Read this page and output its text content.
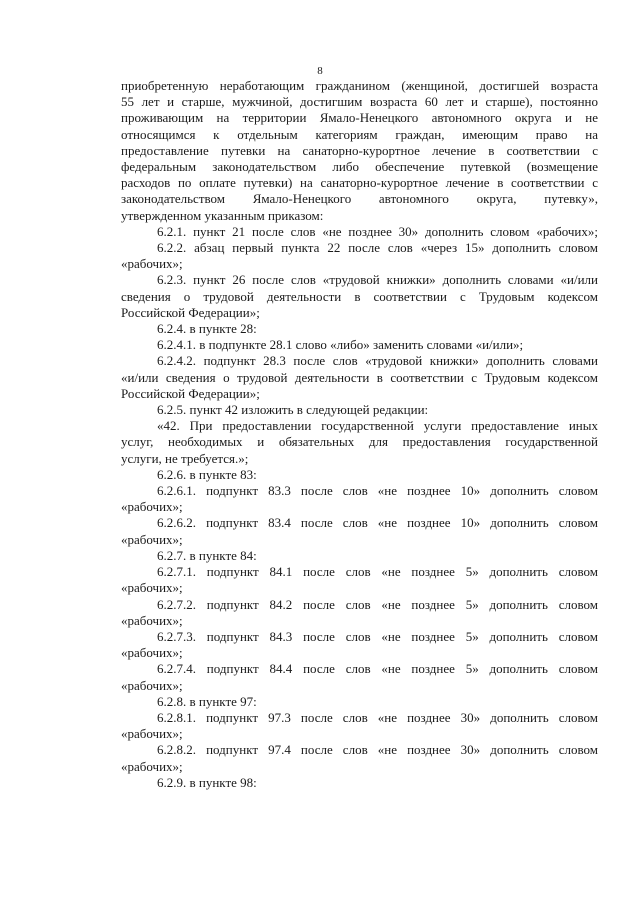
8

приобретенную неработающим гражданином (женщиной, достигшей возраста

55 лет и старше, мужчиной, достигшим возраста 60 лет и старше), постоянно

проживающим на территории Ямало-Ненецкого автономного округа и не

относящимся к отдельным категориям граждан, имеющим право на

предоставление путевки на санаторно-курортное лечение в соответствии с

федеральным законодательством либо обеспечение путевкой (возмещение

расходов по оплате путевки) на санаторно-курортное лечение в соответствии с

законодательством Ямало-Ненецкого автономного округа, путевку»,

утвержденном указанным приказом:

6.2.1. пункт 21 после слов «не позднее 30» дополнить словом «рабочих»;

6.2.2. абзац первый пункта 22 после слов «через 15» дополнить словом

«рабочих»;

6.2.3. пункт 26 после слов «трудовой книжки» дополнить словами «и/или

сведения о трудовой деятельности в соответствии с Трудовым кодексом

Российской Федерации»;

6.2.4. в пункте 28:

6.2.4.1. в подпункте 28.1 слово «либо» заменить словами «и/или»;

6.2.4.2. подпункт 28.3 после слов «трудовой книжки» дополнить словами

«и/или сведения о трудовой деятельности в соответствии с Трудовым кодексом

Российской Федерации»;

6.2.5. пункт 42 изложить в следующей редакции:

«42. При предоставлении государственной услуги предоставление иных

услуг, необходимых и обязательных для предоставления государственной

услуги, не требуется.»;

6.2.6. в пункте 83:

6.2.6.1. подпункт 83.3 после слов «не позднее 10» дополнить словом

«рабочих»;

6.2.6.2. подпункт 83.4 после слов «не позднее 10» дополнить словом

«рабочих»;

6.2.7. в пункте 84:

6.2.7.1. подпункт 84.1 после слов «не позднее 5» дополнить словом

«рабочих»;

6.2.7.2. подпункт 84.2 после слов «не позднее 5» дополнить словом

«рабочих»;

6.2.7.3. подпункт 84.3 после слов «не позднее 5» дополнить словом

«рабочих»;

6.2.7.4. подпункт 84.4 после слов «не позднее 5» дополнить словом

«рабочих»;

6.2.8. в пункте 97:

6.2.8.1. подпункт 97.3 после слов «не позднее 30» дополнить словом

«рабочих»;

6.2.8.2. подпункт 97.4 после слов «не позднее 30» дополнить словом

«рабочих»;

6.2.9. в пункте 98:
